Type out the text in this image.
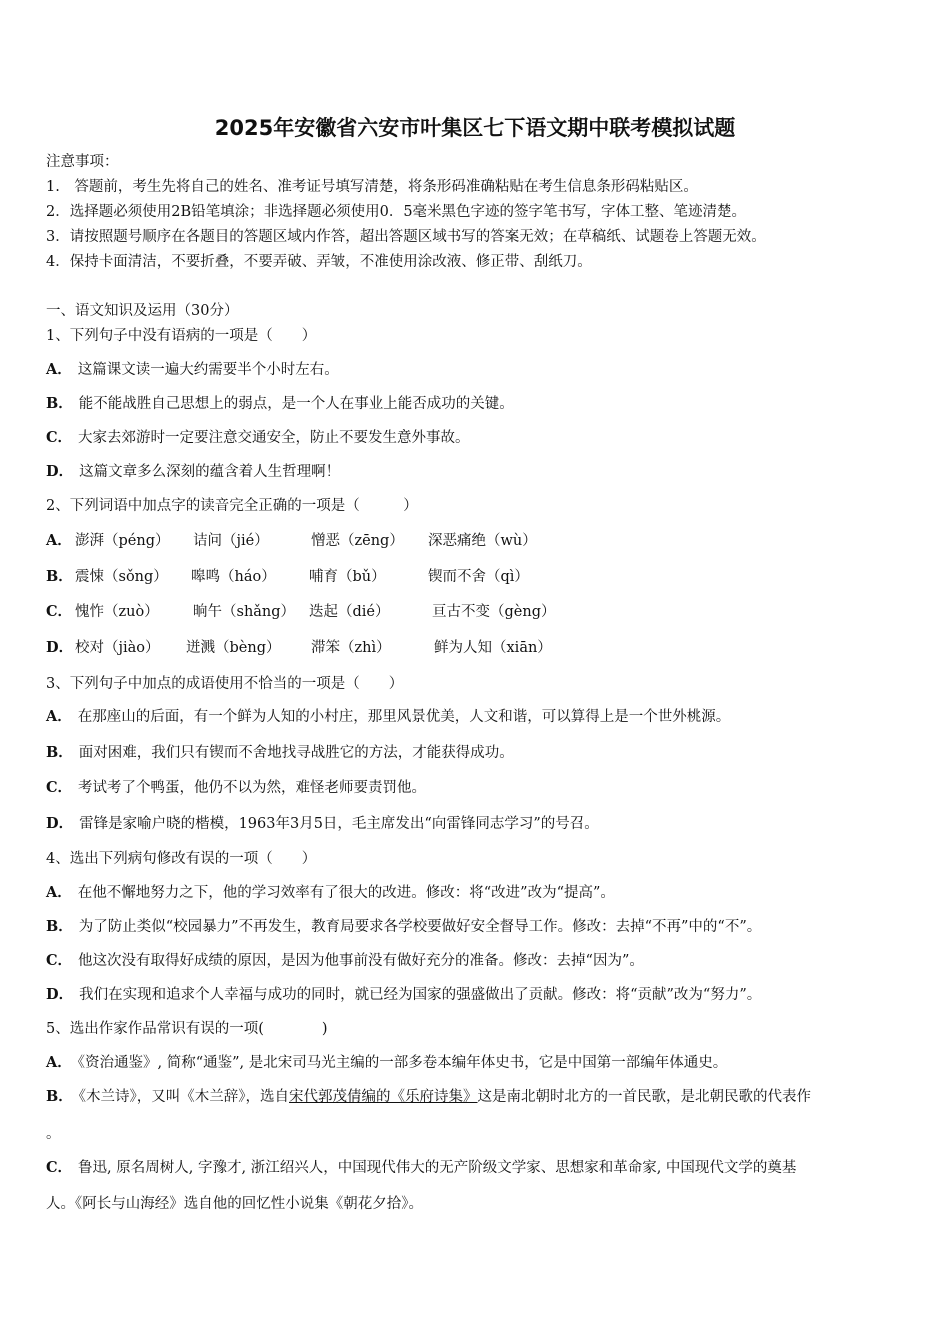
2025年安徽省六安市叶集区七下语文期中联考模拟试题
注意事项：
1.　答题前，考生先将自己的姓名、准考证号填写清楚，将条形码准确粘贴在考生信息条形码粘贴区。
2．选择题必须使用2B铅笔填涂；非选择题必须使用0．5毫米黑色字迹的签字笔书写，字体工整、笔迹清楚。
3．请按照题号顺序在各题目的答题区域内作答，超出答题区域书写的答案无效；在草稿纸、试题卷上答题无效。
4．保持卡面清洁，不要折叠，不要弄破、弄皱，不准使用涂改液、修正带、刮纸刀。
一、语文知识及运用（30分）
1、下列句子中没有语病的一项是（　　）
A． 这篇课文读一遍大约需要半个小时左右。
B． 能不能战胜自己思想上的弱点，是一个人在事业上能否成功的关键。
C． 大家去郊游时一定要注意交通安全，防止不要发生意外事故。
D． 这篇文章多么深刻的蕴含着人生哲理啊！
2、下列词语中加点字的读音完全正确的一项是（　　　）
A． 澎湃（péng） 诘问（jié）	憎恶（zēng） 深恶痛绝（wù）
B． 震悚（sǒng） 嗥鸣（háo） 哺育（bǔ）	锲而不舍（qì）
C． 愧怍（zuò） 晌午（shǎng） 迭起（dié）	亘古不变（gèng）
D． 校对（jiào） 迸溅（bèng） 滞笨（zhì）	鲜为人知（xiān）
3、下列句子中加点的成语使用不恰当的一项是（　　）
A． 在那座山的后面，有一个鲜为人知的小村庄，那里风景优美，人文和谐，可以算得上是一个世外桃源。
B． 面对困难，我们只有锲而不舍地找寻战胜它的方法，才能获得成功。
C． 考试考了个鸭蛋，他仍不以为然，难怪老师要责罚他。
D． 雷锋是家喻户晓的楷模，1963年3月5日，毛主席发出“向雷锋同志学习”的号召。
4、选出下列病句修改有误的一项（　　）
A． 在他不懈地努力之下，他的学习效率有了很大的改进。修改：将“改进”改为“提高”。
B． 为了防止类似“校园暴力”不再发生，教育局要求各学校要做好安全督导工作。修改：去掉“不再”中的“不”。
C． 他这次没有取得好成绩的原因，是因为他事前没有做好充分的准备。修改：去掉“因为”。
D． 我们在实现和追求个人幸福与成功的同时，就已经为国家的强盛做出了贡献。修改：将“贡献”改为“努力”。
5、选出作家作品常识有误的一项(　　　　)
A． 《资治通鉴》, 简称“通鉴”, 是北宋司马光主编的一部多卷本编年体史书，它是中国第一部编年体通史。
B． 《木兰诗》，又叫《木兰辞》，选自宋代郭茂倩编的《乐府诗集》这是南北朝时北方的一首民歌，是北朝民歌的代表作
。
C． 鲁迅, 原名周树人, 字豫才, 浙江绍兴人，中国现代伟大的无产阶级文学家、思想家和革命家, 中国现代文学的奠基
人。《阿长与山海经》选自他的回忆性小说集《朝花夕拾》。
